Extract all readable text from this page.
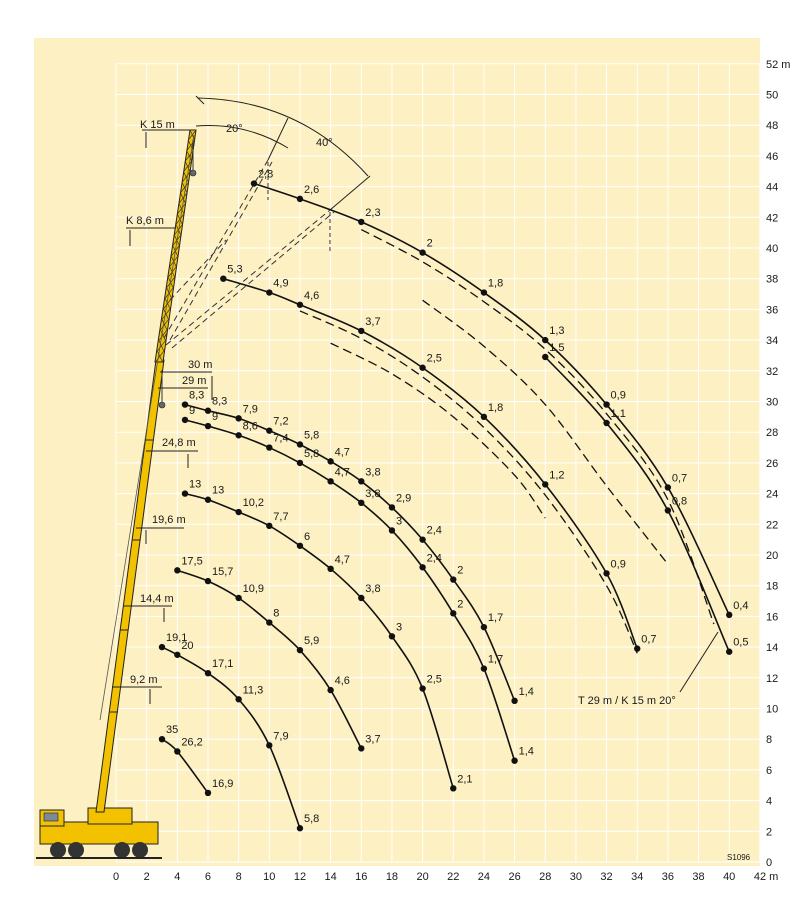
20°
40°
K 15 m
K 8,6 m
30 m
29 m
24,8 m
19,6 m
14,4 m
9,2 m
35
26,2
16,9
19,1
20
17,1
11,3
7,9
5,8
17,5
15,7
10,9
8
5,9
4,6
3,7
13
13
10,2
7,7
6
4,7
3,8
3
2,5
2,1
9
9
8,6
7,4
5,8
4,7
3,8
3
2,4
2
1,7
1,4
8,3
8,3
7,9
7,2
5,8
4,7
3,8
2,9
2,4
2
1,7
1,4
5,3
4,9
4,6
3,7
2,5
1,8
1,2
0,9
0,7
2,8
2,6
2,3
2
1,8
1,3
0,9
0,7
0,4
1,5
1,1
0,8
0,5
0 2 4 6 8 10 12 14 16 18 20 22 24 26 28 30 32 34 36 38 40 42 m
0
2
4
6
8
10
12
14
16
18
20
22
24
26
28
30
32
34
36
38
40
42
44
46
48
50
52 m
T 29 m / K 15 m 20°
S1096
